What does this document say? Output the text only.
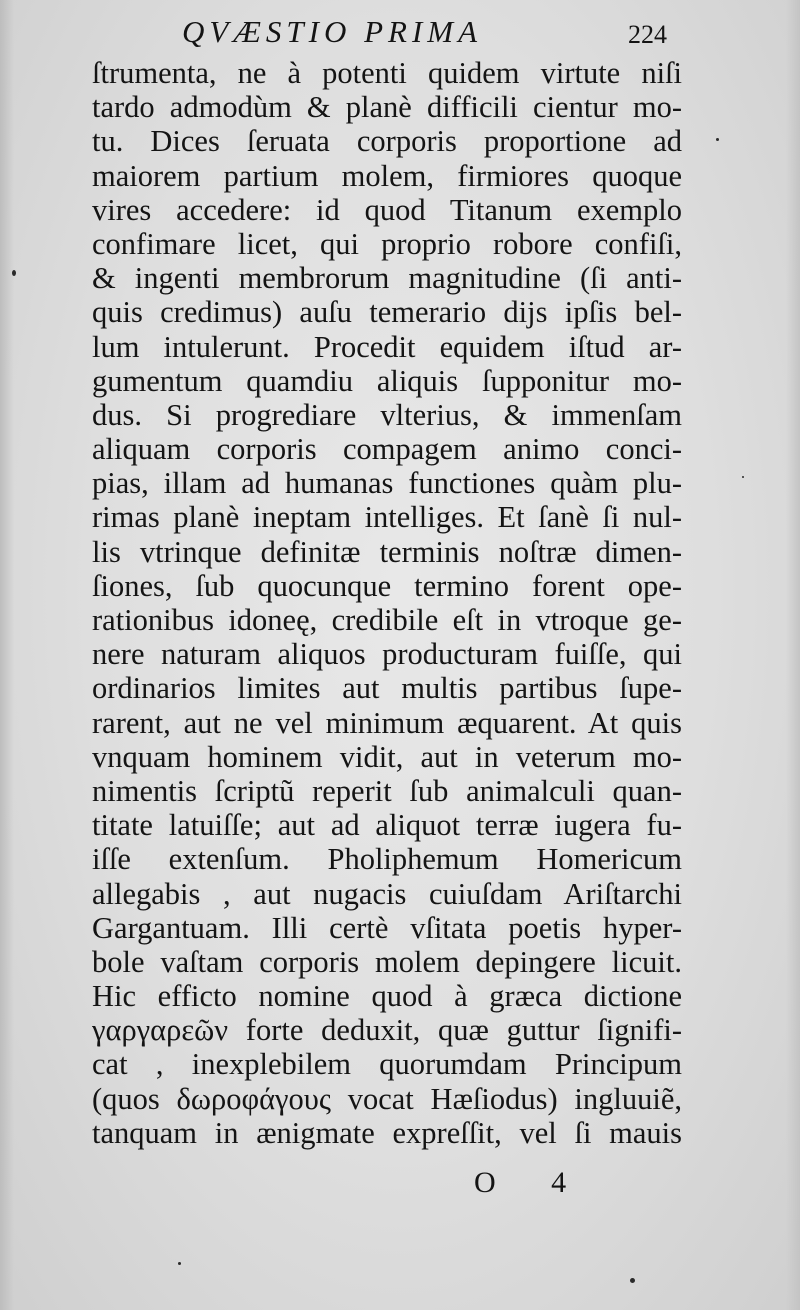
QVÆSTIO PRIMA	224
ſtrumenta, ne à potenti quidem virtute niſi
tardo admodùm & planè difficili cientur mo-
tu. Dices ſeruata corporis proportione ad
maiorem partium molem, firmiores quoque
vires accedere: id quod Titanum exemplo
confimare licet, qui proprio robore confiſi,
& ingenti membrorum magnitudine (ſi anti-
quis credimus) auſu temerario dijs ipſis bel-
lum intulerunt. Procedit equidem iſtud ar-
gumentum quamdiu aliquis ſupponitur mo-
dus. Si progrediare vlterius, & immenſam
aliquam corporis compagem animo conci-
pias, illam ad humanas functiones quàm plu-
rimas planè ineptam intelliges. Et ſanè ſi nul-
lis vtrinque definitæ terminis noſtræ dimen-
ſiones, ſub quocunque termino forent ope-
rationibus idoneę, credibile eſt in vtroque ge-
nere naturam aliquos producturam fuiſſe, qui
ordinarios limites aut multis partibus ſupe-
rarent, aut ne vel minimum æquarent. At quis
vnquam hominem vidit, aut in veterum mo-
nimentis ſcriptũ reperit ſub animalculi quan-
titate latuiſſe; aut ad aliquot terræ iugera fu-
iſſe extenſum. Pholiphemum Homericum
allegabis , aut nugacis cuiuſdam Ariſtarchi
Gargantuam. Illi certè vſitata poetis hyper-
bole vaſtam corporis molem depingere licuit.
Hic efficto nomine quod à græca dictione
γαργαρεῶν forte deduxit, quæ guttur ſignifi-
cat , inexplebilem quorumdam Principum
(quos δωροφάγους vocat Hæſiodus) ingluuiẽ,
tanquam in ænigmate expreſſit, vel ſi mauis
O 4
